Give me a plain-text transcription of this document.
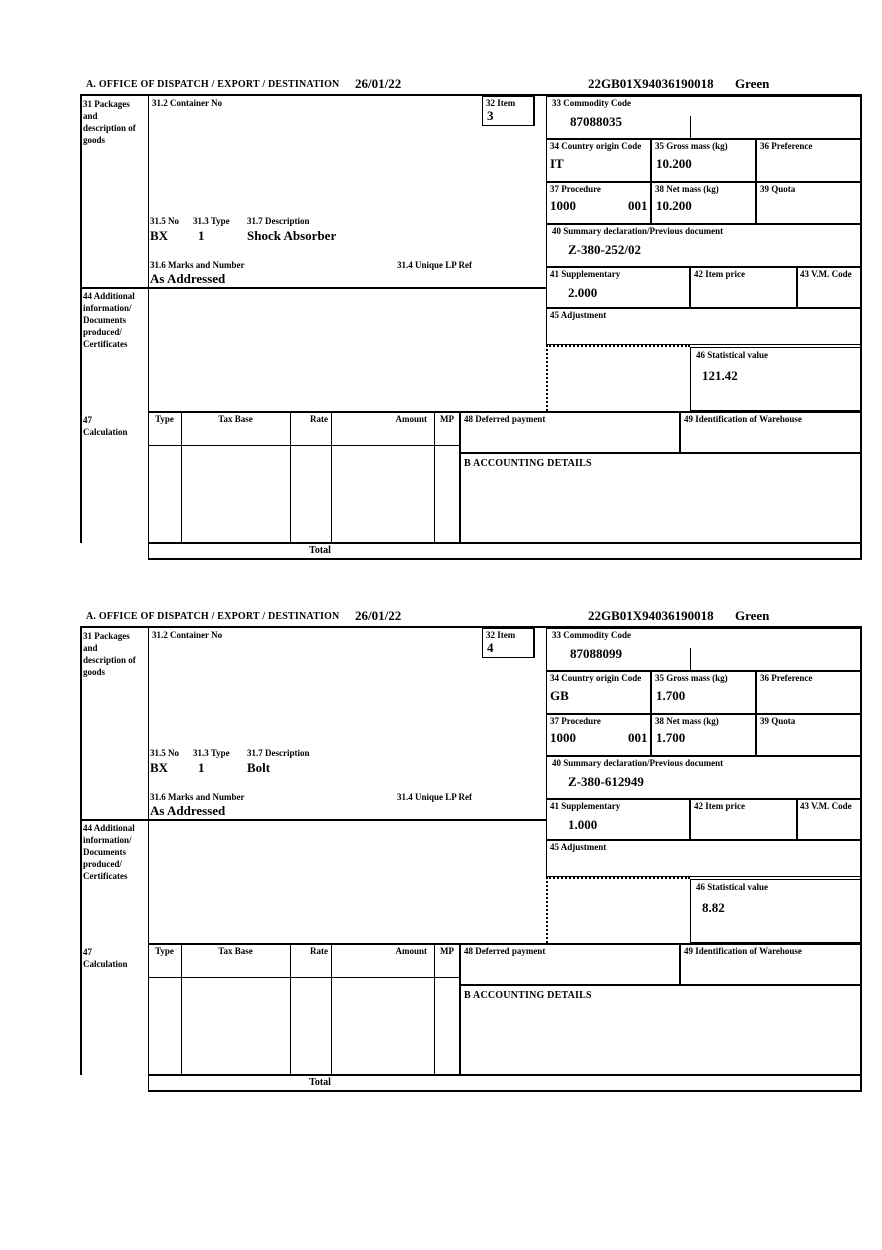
A. OFFICE OF DISPATCH / EXPORT / DESTINATION 26/01/22	22GB01X94036190018 Green
31 Packages and description of goods
44 Additional information/ Documents produced/ Certificates
47 Calculation
31.2 Container No	32 Item
3
33 Commodity Code
87088035
34 Country origin Code
IT
35 Gross mass (kg)
10.200
36 Preference
37 Procedure
1000	001
38 Net mass (kg)
10.200
39 Quota
31.5 No 31.3 Type 31.7 Description
BX 1	Shock Absorber
31.6 Marks and Number	31.4 Unique LP Ref
As Addressed
40 Summary declaration/Previous document
Z-380-252/02
41 Supplementary
2.000
42 Item price	43 V.M. Code
45 Adjustment
46 Statistical value
121.42
Type	Tax Base	Rate	Amount	MP	48 Deferred payment	49 Identification of Warehouse
B ACCOUNTING DETAILS
Total
A. OFFICE OF DISPATCH / EXPORT / DESTINATION 26/01/22	22GB01X94036190018 Green
31 Packages and description of goods
44 Additional information/ Documents produced/ Certificates
47 Calculation
31.2 Container No	32 Item
4
33 Commodity Code
87088099
34 Country origin Code
GB
35 Gross mass (kg)
1.700
36 Preference
37 Procedure
1000	001
38 Net mass (kg)
1.700
39 Quota
31.5 No 31.3 Type 31.7 Description
BX 1	Bolt
31.6 Marks and Number	31.4 Unique LP Ref
As Addressed
40 Summary declaration/Previous document
Z-380-612949
41 Supplementary
1.000
42 Item price	43 V.M. Code
45 Adjustment
46 Statistical value
8.82
Type	Tax Base	Rate	Amount	MP	48 Deferred payment	49 Identification of Warehouse
B ACCOUNTING DETAILS
Total
